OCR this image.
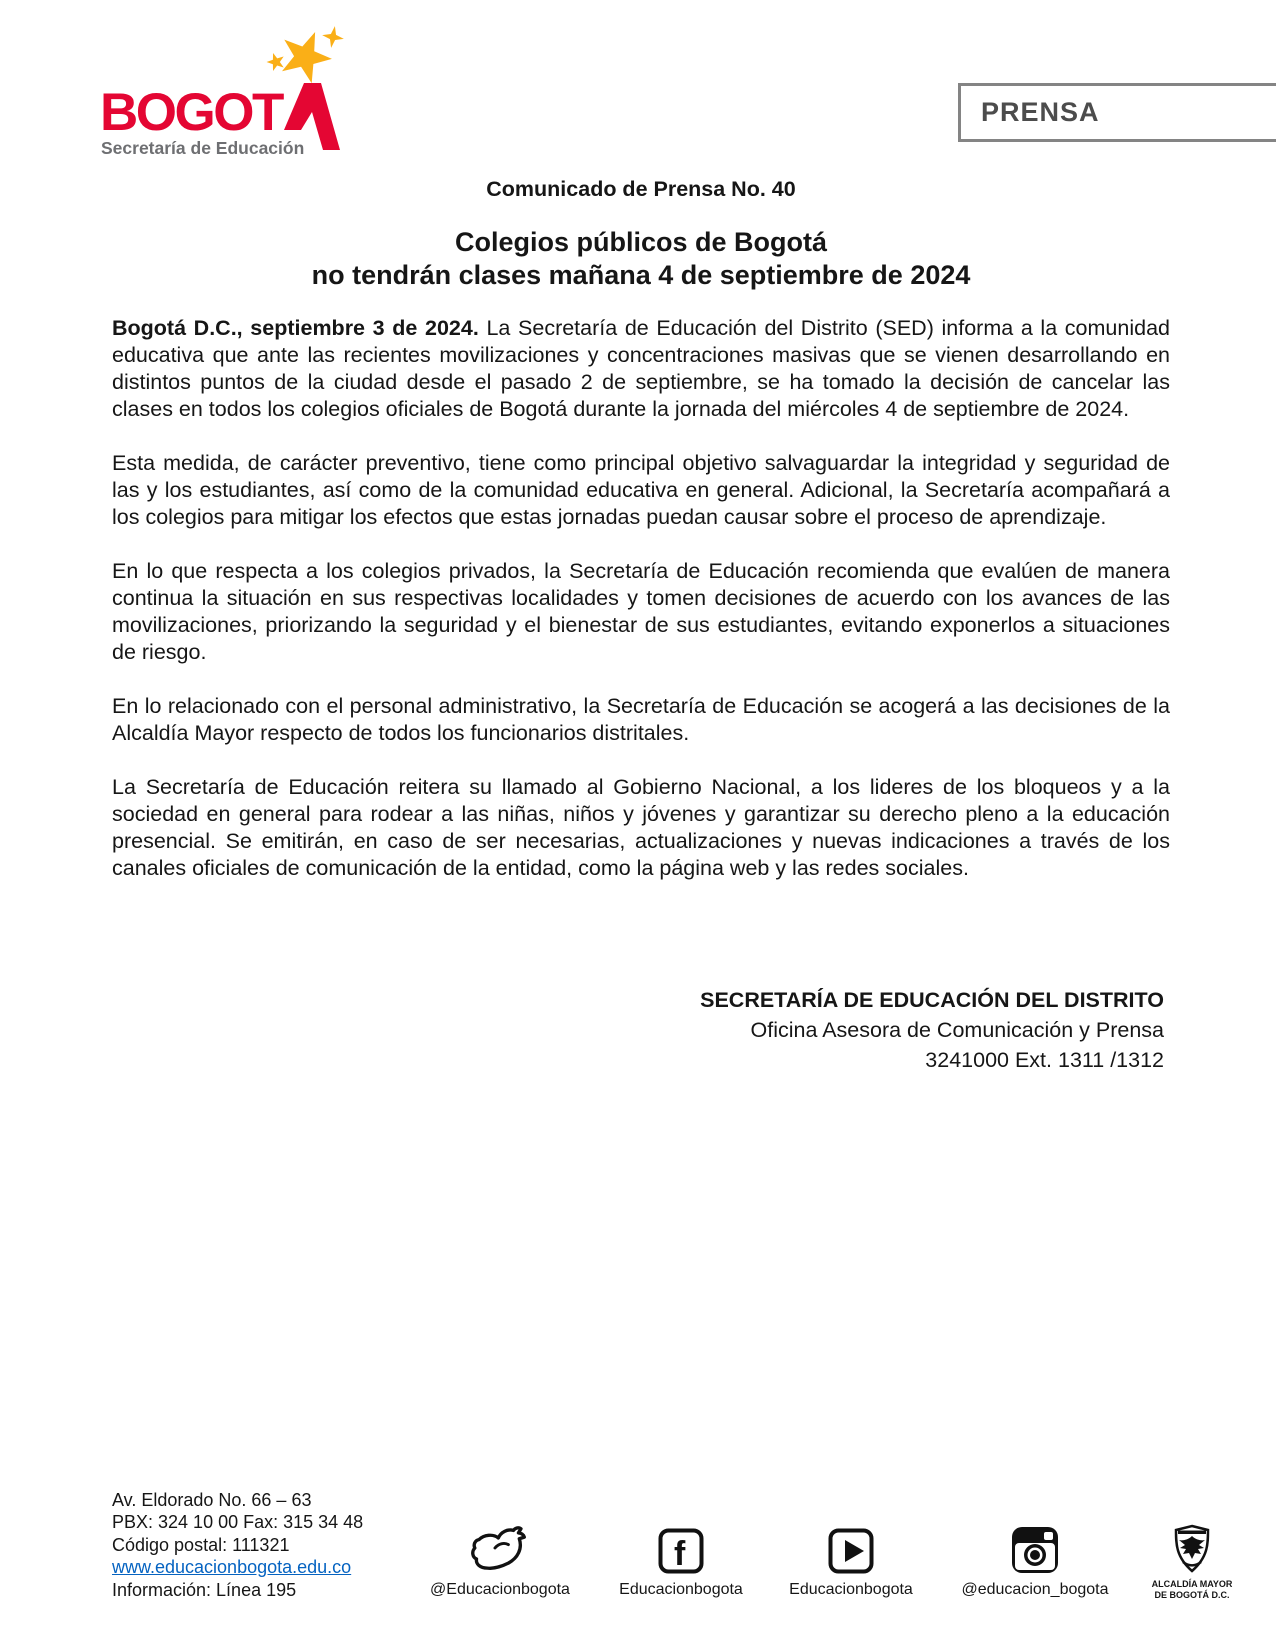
BOGOT
Secretaría de Educación
PRENSA
Comunicado de Prensa No. 40
Colegios públicos de Bogotá
no tendrán clases mañana 4 de septiembre de 2024

Bogotá D.C., septiembre 3 de 2024. La Secretaría de Educación del Distrito (SED) informa a la comunidad educativa que ante las recientes movilizaciones y concentraciones masivas que se vienen desarrollando en distintos puntos de la ciudad desde el pasado 2 de septiembre, se ha tomado la decisión de cancelar las clases en todos los colegios oficiales de Bogotá durante la jornada del miércoles 4 de septiembre de 2024.

Esta medida, de carácter preventivo, tiene como principal objetivo salvaguardar la integridad y seguridad de las y los estudiantes, así como de la comunidad educativa en general. Adicional, la Secretaría acompañará a los colegios para mitigar los efectos que estas jornadas puedan causar sobre el proceso de aprendizaje.

En lo que respecta a los colegios privados, la Secretaría de Educación recomienda que evalúen de manera continua la situación en sus respectivas localidades y tomen decisiones de acuerdo con los avances de las movilizaciones, priorizando la seguridad y el bienestar de sus estudiantes, evitando exponerlos a situaciones de riesgo.

En lo relacionado con el personal administrativo, la Secretaría de Educación se acogerá a las decisiones de la Alcaldía Mayor respecto de todos los funcionarios distritales.

La Secretaría de Educación reitera su llamado al Gobierno Nacional, a los lideres de los bloqueos y a la sociedad en general para rodear a las niñas, niños y jóvenes y garantizar su derecho pleno a la educación presencial. Se emitirán, en caso de ser necesarias, actualizaciones y nuevas indicaciones a través de los canales oficiales de comunicación de la entidad, como la página web y las redes sociales.

SECRETARÍA DE EDUCACIÓN DEL DISTRITO
Oficina Asesora de Comunicación y Prensa
3241000 Ext. 1311 /1312
Av. Eldorado No. 66 – 63
PBX: 324 10 00 Fax: 315 34 48
Código postal: 111321
www.educacionbogota.edu.co
Información: Línea 195	@Educacionbogota
f
Educacionbogota	Educacionbogota	@educacion_bogota	ALCALDÍA MAYOR
DE BOGOTÁ D.C.
